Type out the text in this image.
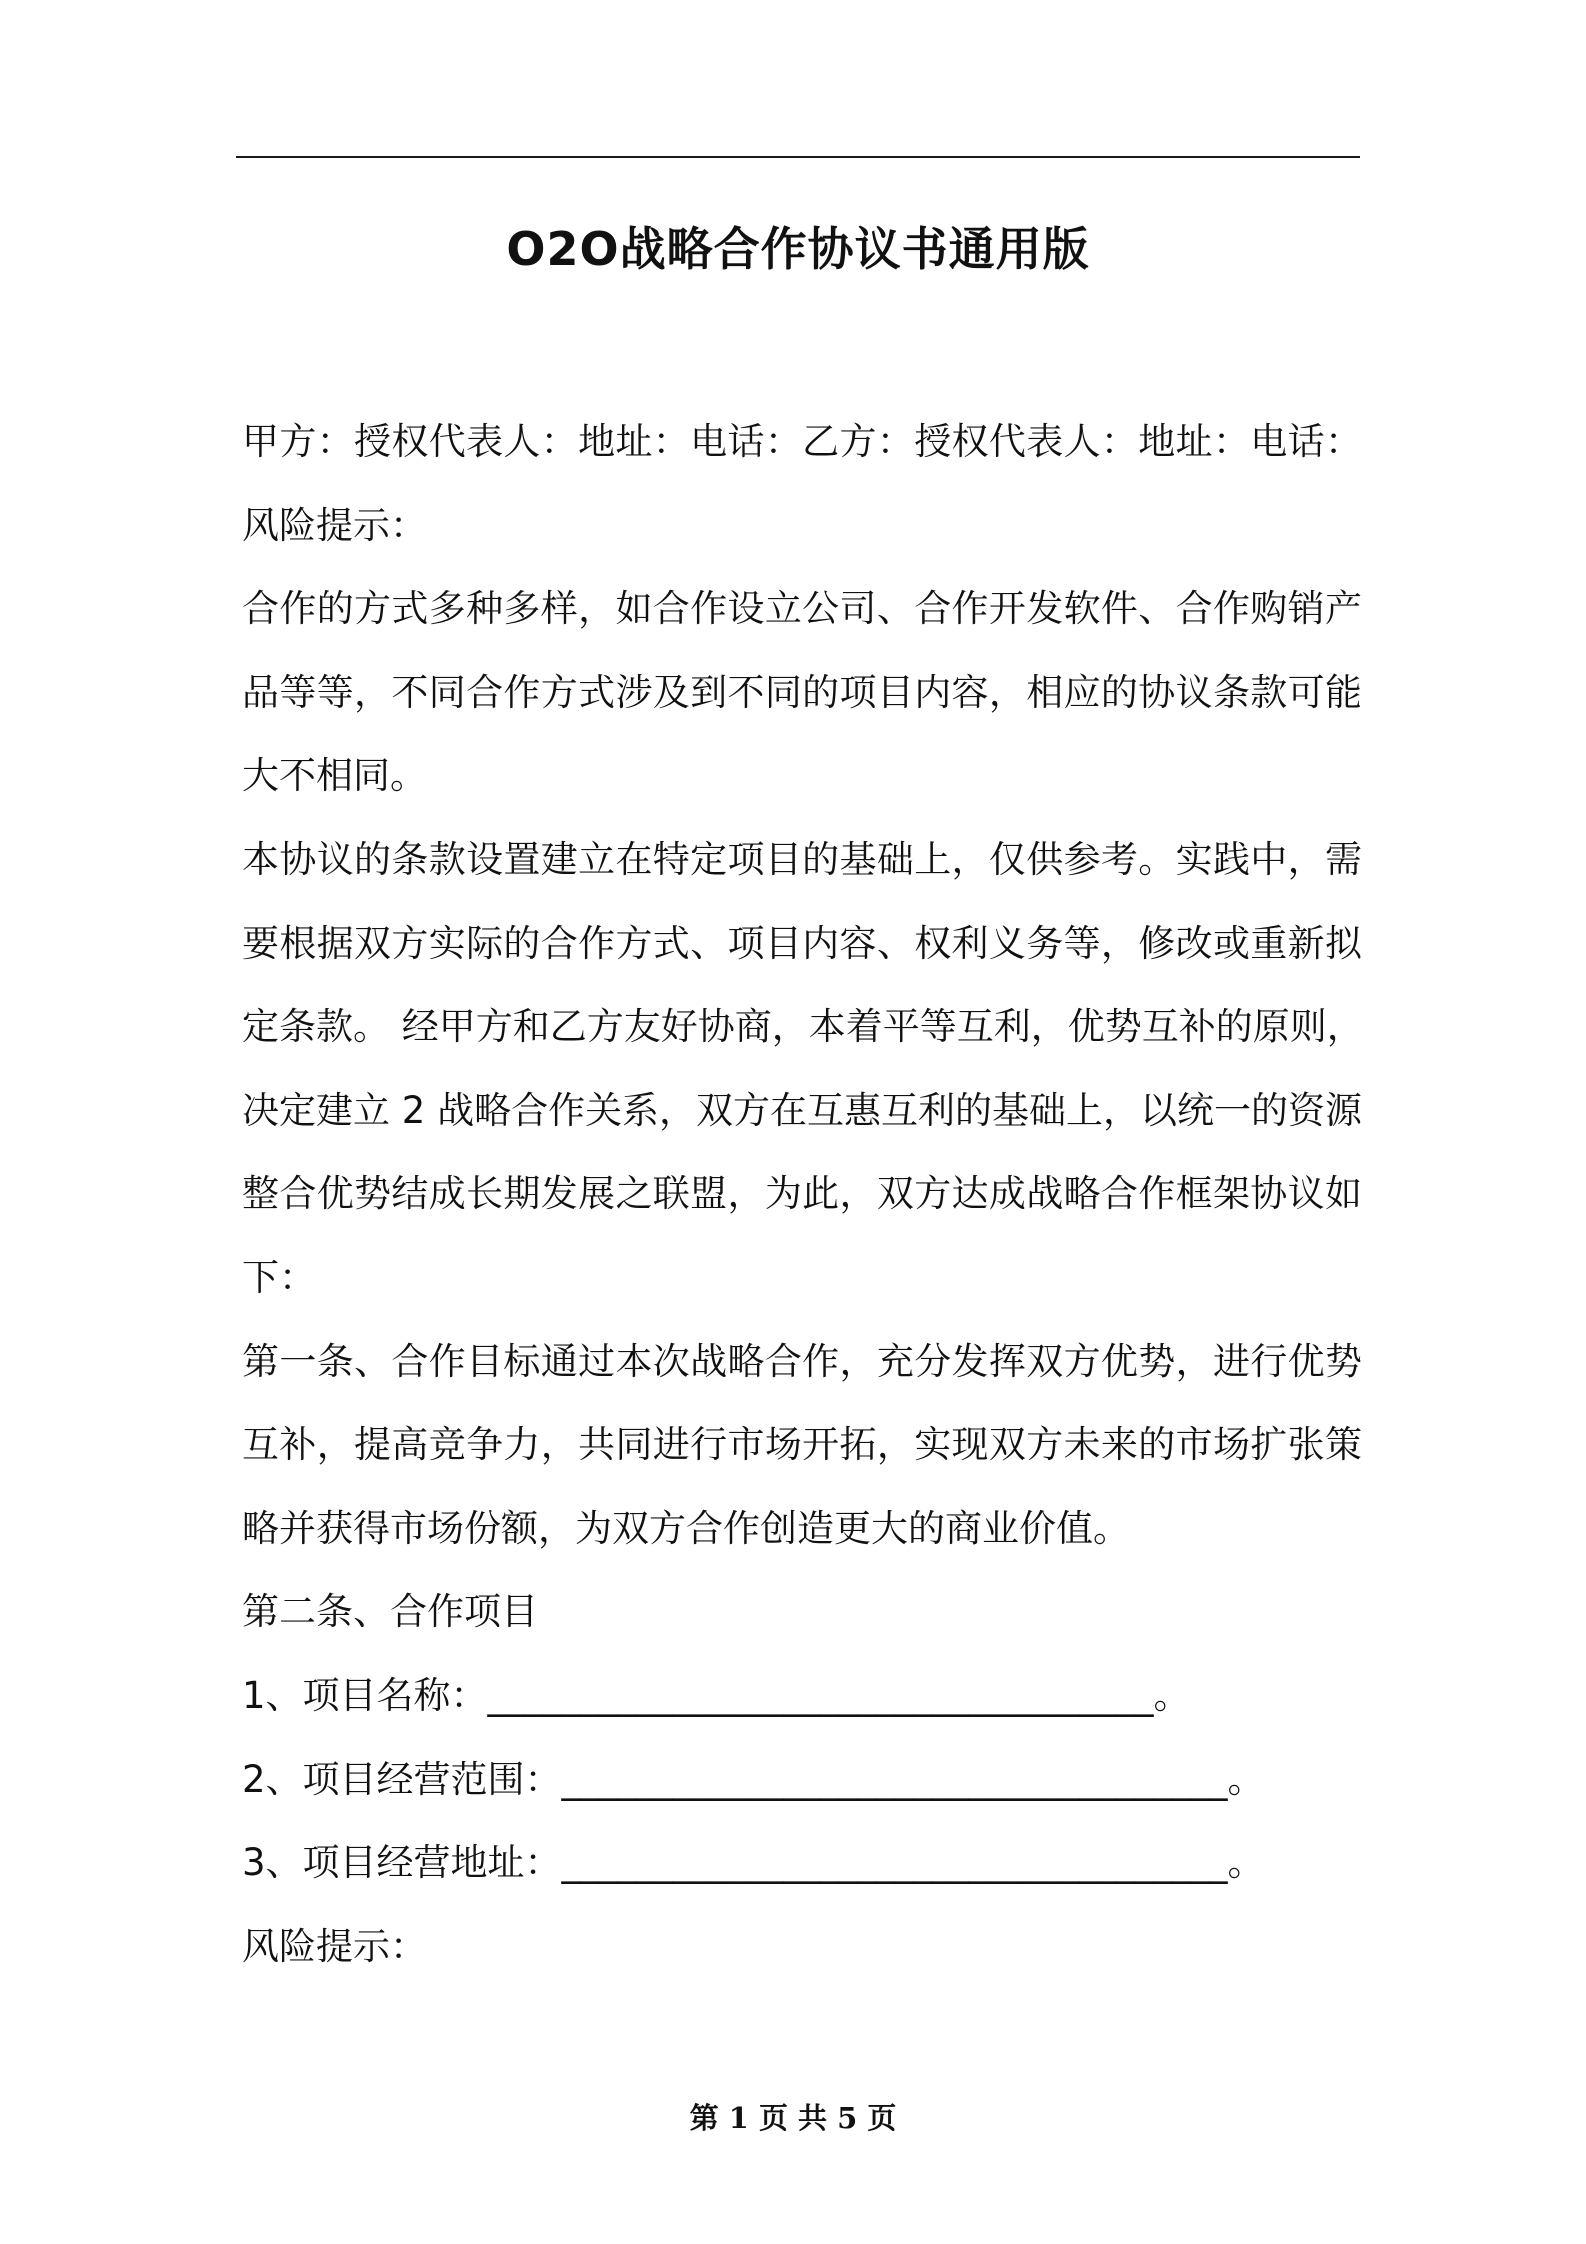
O2O战略合作协议书通用版
甲方：授权代表人：地址：电话：乙方：授权代表人：地址：电话：
风险提示：
合作的方式多种多样，如合作设立公司、合作开发软件、合作购销产
品等等，不同合作方式涉及到不同的项目内容，相应的协议条款可能
大不相同。
本协议的条款设置建立在特定项目的基础上，仅供参考。实践中，需
要根据双方实际的合作方式、项目内容、权利义务等，修改或重新拟
定条款。 经甲方和乙方友好协商，本着平等互利，优势互补的原则，
决定建立 2 战略合作关系，双方在互惠互利的基础上，以统一的资源
整合优势结成长期发展之联盟，为此，双方达成战略合作框架协议如
下：
第一条、合作目标通过本次战略合作，充分发挥双方优势，进行优势
互补，提高竞争力，共同进行市场开拓，实现双方未来的市场扩张策
略并获得市场份额，为双方合作创造更大的商业价值。
第二条、合作项目
1、项目名称：____________________________________。
2、项目经营范围：____________________________________。
3、项目经营地址：____________________________________。
风险提示：
第 1 页 共 5 页
